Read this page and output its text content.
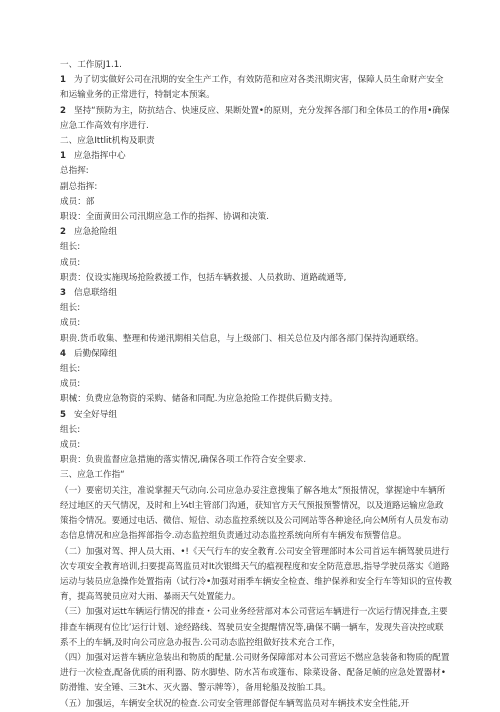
一、工作原J1.1.
1 为了切实做好公司在汛期的安全生产工作，有效防范和应对各类汛期灾害，保障人员生命财产安全和运输业务的正常进行，特制定本预案。
2 坚持“预防为主，防抗结合、快速反应、果断处置•的原则，充分发挥各部门和全体员工的作用•确保应急工作高效有序进行.
二、应急Ittlit机构及职责
1 应急指挥中心
总指挥:
副总指挥:
成员：部
职设：全面黄田公司汛期应急工作的指挥、协调和决策.
2 应急抢险组
组长:
成员:
职责：仪设实施现场抢险救援工作，包括车辆救援、人员救助、道路疏通等,
3 信息联络组
组长:
成员:
职贵.货币收集、整理和传递汛期相关信息，与上级部门、相关总位及内部各部门保持沟通联络。
4 后勤保障组
组长:
成员:
职械：负费应急物资的采购、储备和同配.为应急抢险工作提供后勤支持。
5 安全好导组
组长:
成员:
职贵：负贵监督应急措施的落实情况,确保各项工作符合安全要求.
三、应急工作指“
（一）要密切关注，准说掌握天气动向.公司应急办妥注意搜集了解各地太”预报情况，掌握途中车辆所经过地区的天气情况，及时和上¼tl主管部门沟通，获知官方天气预报预警情况，以及道路运输应急政策指令情况。要通过电话、微信、短信、动态监控系统以及公司网站等各种途径,向公M所有人员发布动态信息情况和应急指挥部指令.动态监控组负责通过动态监控系统向所有车辆发布预警信息。
（二）加强对驾、押人员大雨、•!《天气行车的安全教育.公司安全管理部时本公司首运车辆驾驶员进行次专项安全教育培训,扫要提高驾监员对It次银缉天气的瘟视程度和安全防范意思,指导学驶员落实《道路运动与装员应急操作处置指南（试行冷•加强对雨季车辆安全检查、维护保养和安全行车等知识的宣传教育，提高驾驶员应对大雨、暴雨天气处置能力。
（三）加强对运tt车辆运行情况的排查・公司业务经营部对本公司营运车辆进行一次运行情况排查,主要排查车辆现有位比’运行计划、途经路线、驾驶员安全提醒情况等,确保不瞒一辆车，发现失音决控或联系不上的车辆,及时向公司应急办报告.公司动态监控组做好技术充合工作，
（四）加强对运普车辆应急装出和物质的配量.公司财务保障部对本公司营运不燃应急装备和物质的配置进行一次检查,配备优质的雨利器、防水脚垫、防水苫布或篷布、除菜设备、配备足帧的应急处置器材•防滑锥、安全锤、三3t木、灭火器、警示牌等），备用轮船及按胎工具。
（五）加强运，车辆安全状况的检查.公司安全管理部督促车辆驾监员对车辆技术安全性能,开
